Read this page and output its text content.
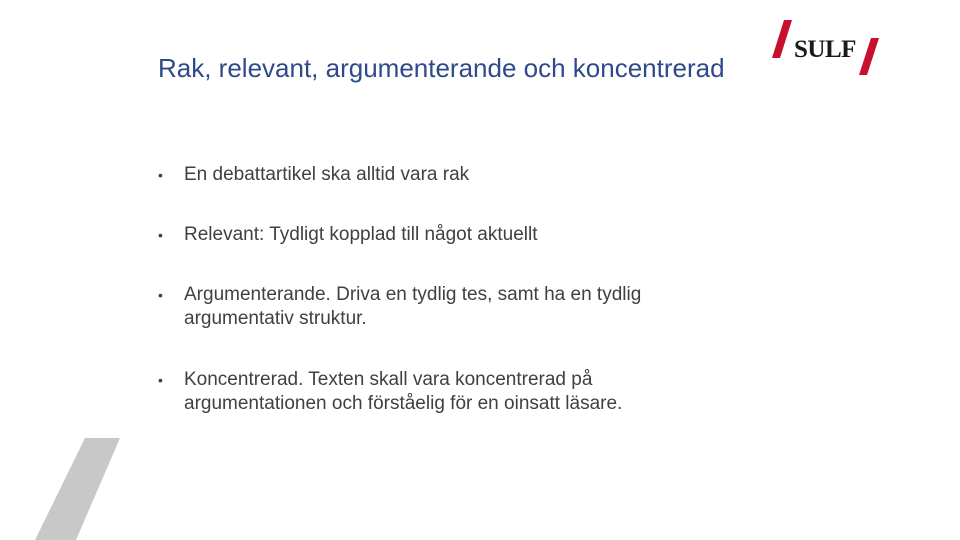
Rak, relevant, argumenterande och koncentrerad
• En debattartikel ska alltid vara rak
• Relevant: Tydligt kopplad till något aktuellt
• Argumenterande. Driva en tydlig tes, samt ha en tydlig argumentativ struktur.
• Koncentrerad. Texten skall vara koncentrerad på argumentationen och förståelig för en oinsatt läsare.
SULF
